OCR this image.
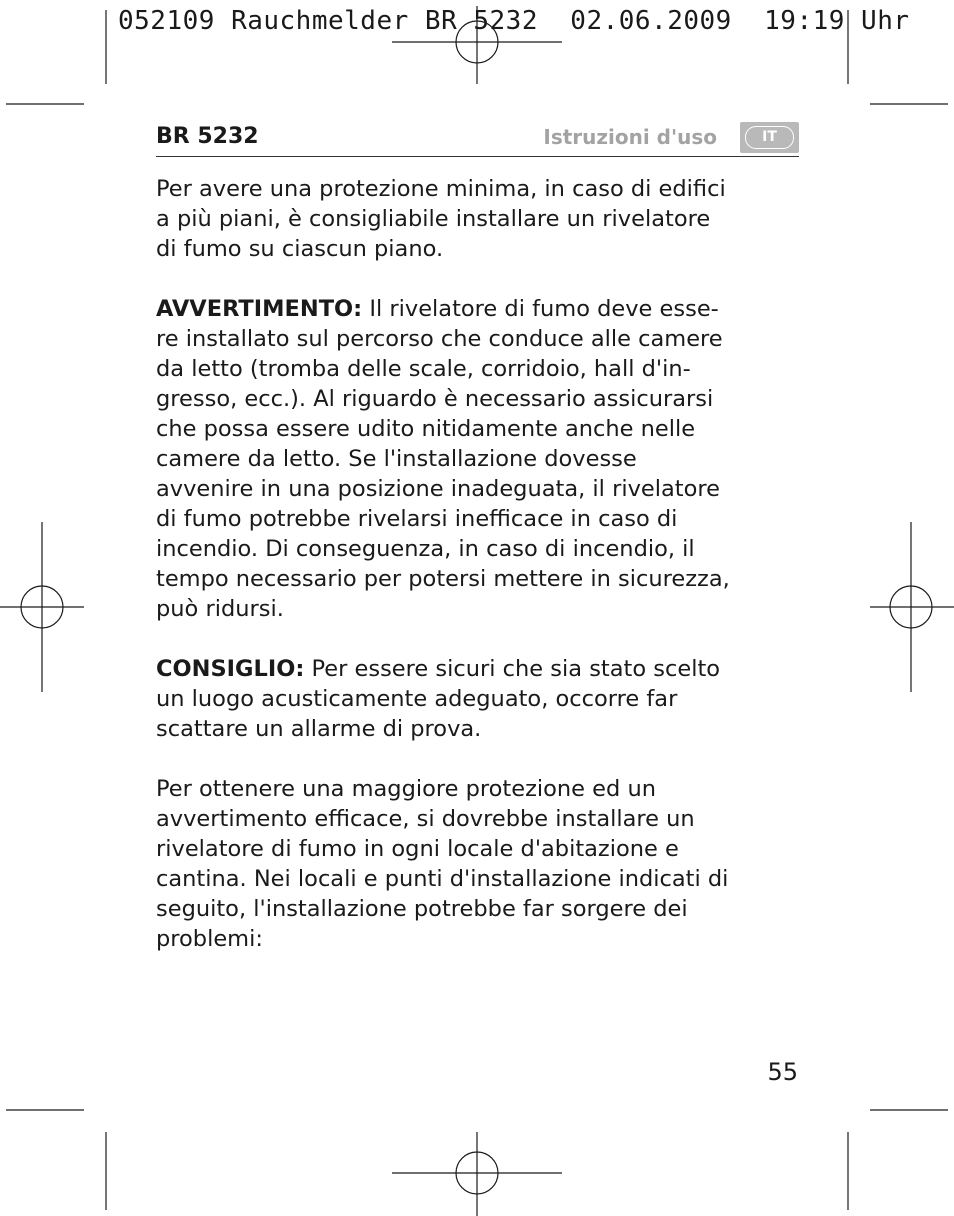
052109 Rauchmelder BR 5232  02.06.2009  19:19 Uhr
BR 5232	Istruzioni d'uso	IT

Per avere una protezione minima, in caso di edifici
a più piani, è consigliabile installare un rivelatore
di fumo su ciascun piano.

AVVERTIMENTO: Il rivelatore di fumo deve esse-
re installato sul percorso che conduce alle camere
da letto (tromba delle scale, corridoio, hall d'in-
gresso, ecc.). Al riguardo è necessario assicurarsi
che possa essere udito nitidamente anche nelle
camere da letto. Se l'installazione dovesse
avvenire in una posizione inadeguata, il rivelatore
di fumo potrebbe rivelarsi inefficace in caso di
incendio. Di conseguenza, in caso di incendio, il
tempo necessario per potersi mettere in sicurezza,
può ridursi.

CONSIGLIO: Per essere sicuri che sia stato scelto
un luogo acusticamente adeguato, occorre far
scattare un allarme di prova.

Per ottenere una maggiore protezione ed un
avvertimento efficace, si dovrebbe installare un
rivelatore di fumo in ogni locale d'abitazione e
cantina. Nei locali e punti d'installazione indicati di
seguito, l'installazione potrebbe far sorgere dei
problemi:

55
